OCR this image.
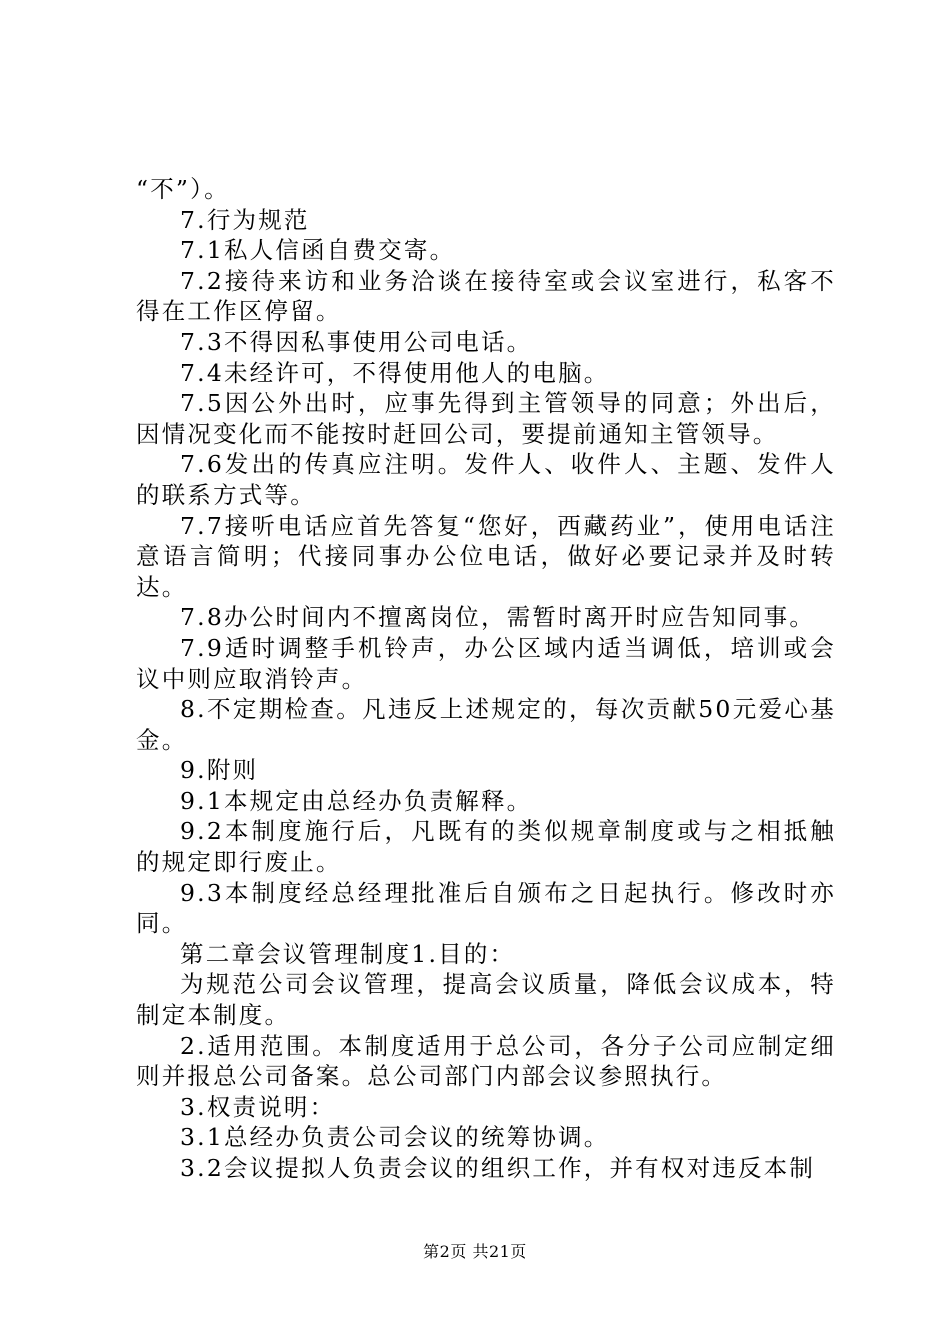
“不”）。

7.行为规范

7.1私人信函自费交寄。

7.2接待来访和业务洽谈在接待室或会议室进行，私客不得在工作区停留。

7.3不得因私事使用公司电话。

7.4未经许可，不得使用他人的电脑。

7.5因公外出时，应事先得到主管领导的同意；外出后，因情况变化而不能按时赶回公司，要提前通知主管领导。

7.6发出的传真应注明。发件人、收件人、主题、发件人的联系方式等。

7.7接听电话应首先答复“您好，西藏药业”，使用电话注意语言简明；代接同事办公位电话，做好必要记录并及时转达。

7.8办公时间内不擅离岗位，需暂时离开时应告知同事。

7.9适时调整手机铃声，办公区域内适当调低，培训或会议中则应取消铃声。

8.不定期检查。凡违反上述规定的，每次贡献50元爱心基金。

9.附则

9.1本规定由总经办负责解释。

9.2本制度施行后，凡既有的类似规章制度或与之相抵触的规定即行废止。

9.3本制度经总经理批准后自颁布之日起执行。修改时亦同。

第二章会议管理制度1.目的：

为规范公司会议管理，提高会议质量，降低会议成本，特制定本制度。

2.适用范围。本制度适用于总公司，各分子公司应制定细则并报总公司备案。总公司部门内部会议参照执行。

3.权责说明：

3.1总经办负责公司会议的统筹协调。

3.2会议提拟人负责会议的组织工作，并有权对违反本制

第2页 共21页
